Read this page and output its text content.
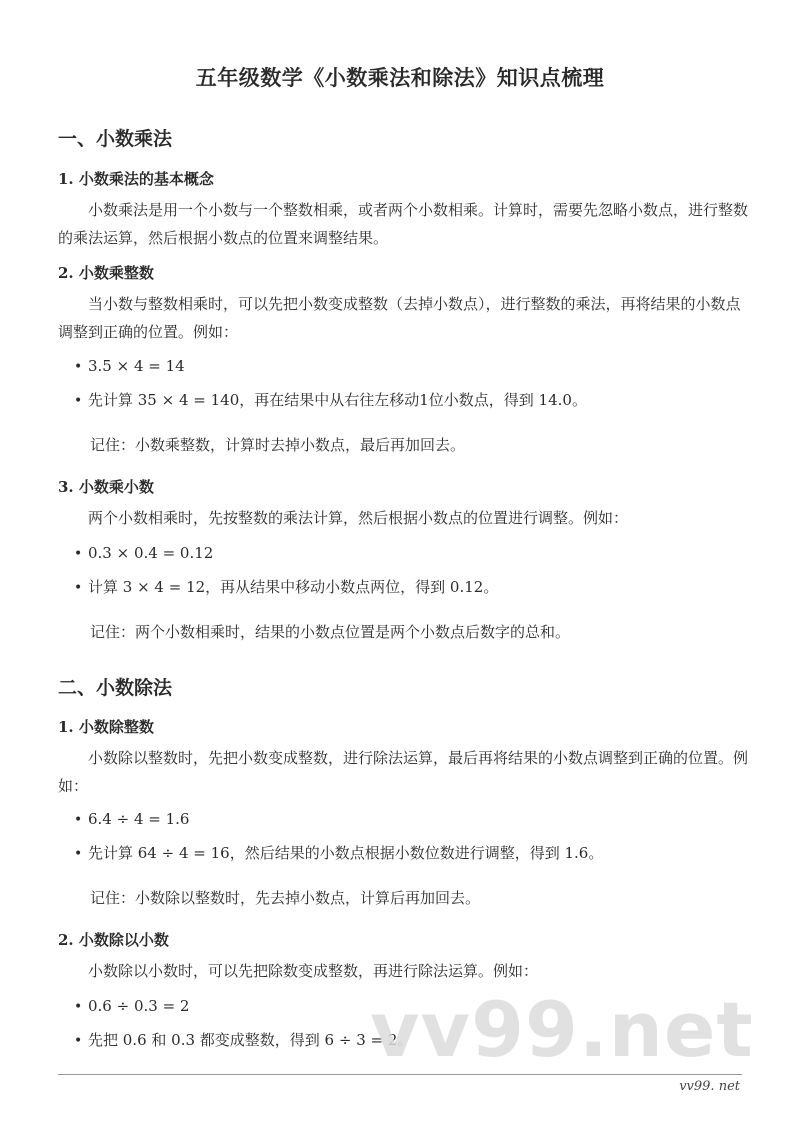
五年级数学《小数乘法和除法》知识点梳理
一、小数乘法
1. 小数乘法的基本概念

小数乘法是用一个小数与一个整数相乘，或者两个小数相乘。计算时，需要先忽略小数点，进行整数的乘法运算，然后根据小数点的位置来调整结果。

2. 小数乘整数

当小数与整数相乘时，可以先把小数变成整数（去掉小数点），进行整数的乘法，再将结果的小数点调整到正确的位置。例如：

• 3.5 × 4 = 14
• 先计算 35 × 4 = 140，再在结果中从右往左移动1位小数点，得到 14.0。

记住：小数乘整数，计算时去掉小数点，最后再加回去。

3. 小数乘小数

两个小数相乘时，先按整数的乘法计算，然后根据小数点的位置进行调整。例如：

• 0.3 × 0.4 = 0.12
• 计算 3 × 4 = 12，再从结果中移动小数点两位，得到 0.12。

记住：两个小数相乘时，结果的小数点位置是两个小数点后数字的总和。

二、小数除法
1. 小数除整数

小数除以整数时，先把小数变成整数，进行除法运算，最后再将结果的小数点调整到正确的位置。例如：

• 6.4 ÷ 4 = 1.6
• 先计算 64 ÷ 4 = 16，然后结果的小数点根据小数位数进行调整，得到 1.6。

记住：小数除以整数时，先去掉小数点，计算后再加回去。

2. 小数除以小数

小数除以小数时，可以先把除数变成整数，再进行除法运算。例如：

• 0.6 ÷ 0.3 = 2
• 先把 0.6 和 0.3 都变成整数，得到 6 ÷ 3 = 2。
vv99.net
vv99. net
